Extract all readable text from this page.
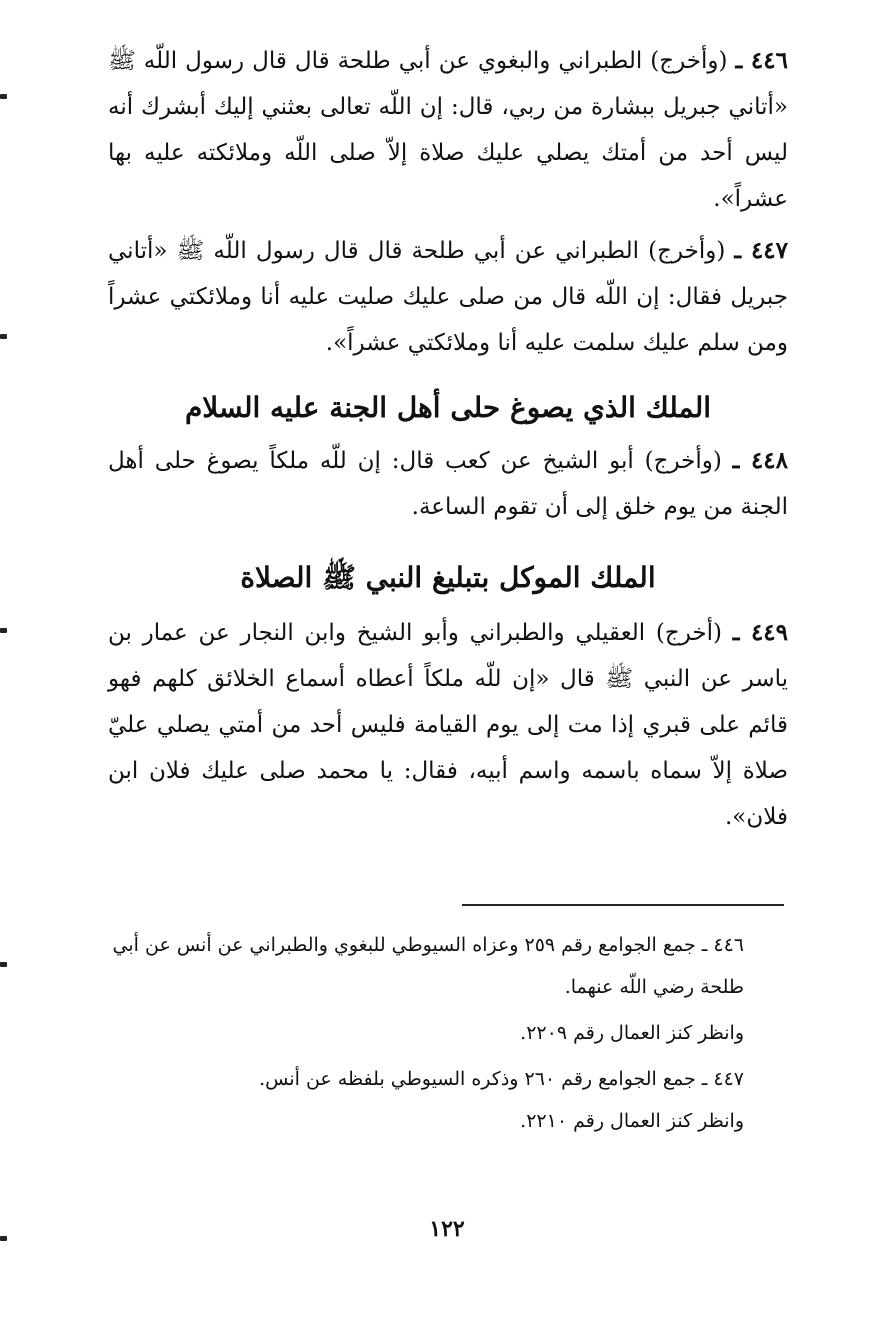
٤٤٦ ـ (وأخرج) الطبراني والبغوي عن أبي طلحة قال قال رسول اللّه ﷺ «أتاني جبريل ببشارة من ربي، قال: إن اللّه تعالى بعثني إليك أبشرك أنه ليس أحد من أمتك يصلي عليك صلاة إلاّ صلى اللّه وملائكته عليه بها عشراً».

٤٤٧ ـ (وأخرج) الطبراني عن أبي طلحة قال قال رسول اللّه ﷺ «أتاني جبريل فقال: إن اللّه قال من صلى عليك صليت عليه أنا وملائكتي عشراً ومن سلم عليك سلمت عليه أنا وملائكتي عشراً».

الملك الذي يصوغ حلى أهل الجنة عليه السلام

٤٤٨ ـ (وأخرج) أبو الشيخ عن كعب قال: إن للّه ملكاً يصوغ حلى أهل الجنة من يوم خلق إلى أن تقوم الساعة.

الملك الموكل بتبليغ النبي ﷺ الصلاة

٤٤٩ ـ (أخرج) العقيلي والطبراني وأبو الشيخ وابن النجار عن عمار بن ياسر عن النبي ﷺ قال «إن للّه ملكاً أعطاه أسماع الخلائق كلهم فهو قائم على قبري إذا مت إلى يوم القيامة فليس أحد من أمتي يصلي عليّ صلاة إلاّ سماه باسمه واسم أبيه، فقال: يا محمد صلى عليك فلان ابن فلان».

٤٤٦ ـ جمع الجوامع رقم ٢٥٩ وعزاه السيوطي للبغوي والطبراني عن أنس عن أبي طلحة رضي اللّه عنهما.

وانظر كنز العمال رقم ٢٢٠٩.

٤٤٧ ـ جمع الجوامع رقم ٢٦٠ وذكره السيوطي بلفظه عن أنس.

وانظر كنز العمال رقم ٢٢١٠.

١٢٢
